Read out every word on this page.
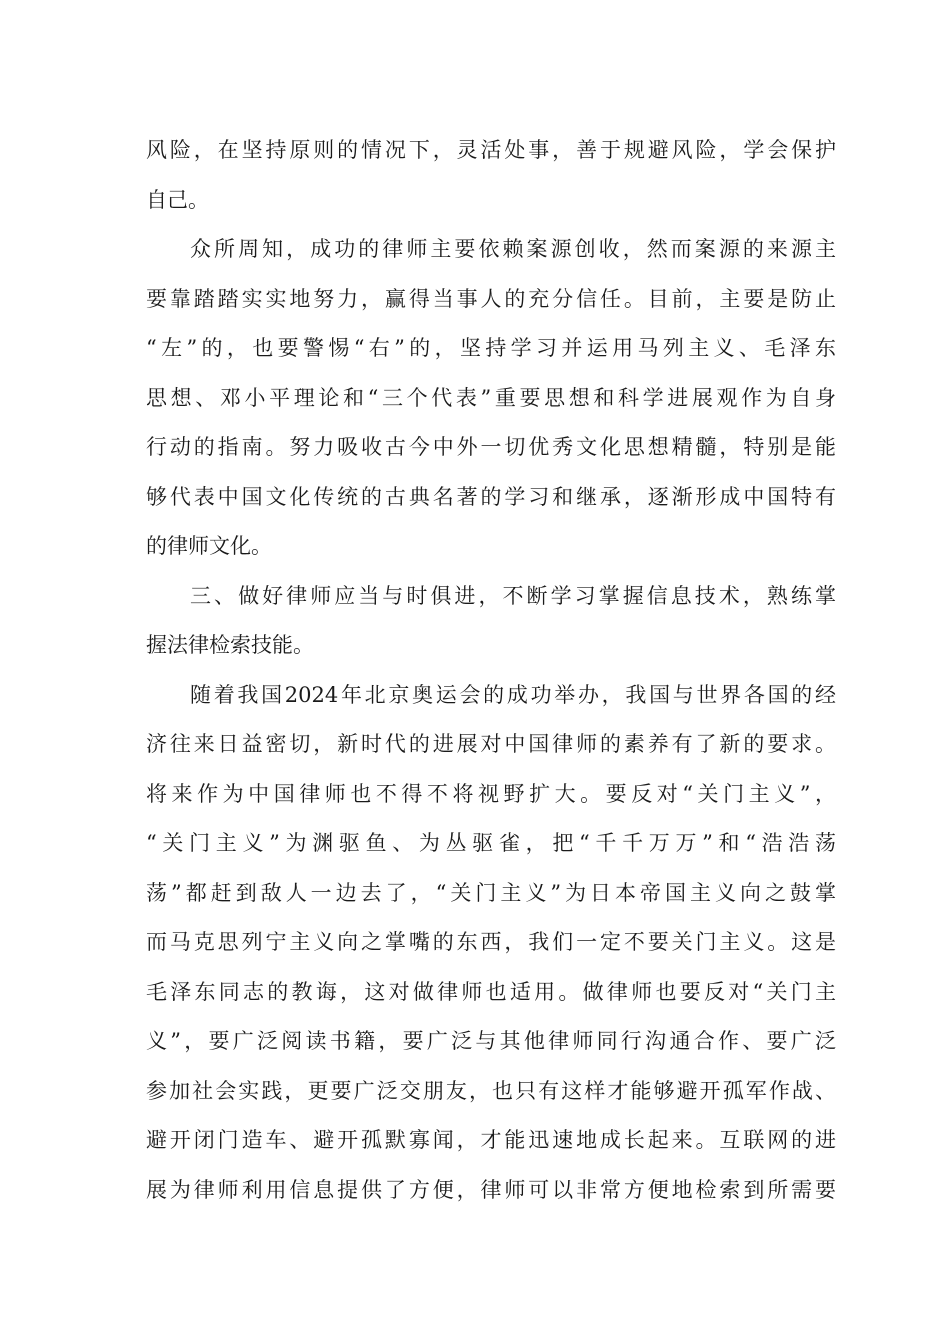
风险，在坚持原则的情况下，灵活处事，善于规避风险，学会保护
自己。
众所周知，成功的律师主要依赖案源创收，然而案源的来源主
要靠踏踏实实地努力，赢得当事人的充分信任。目前，主要是防止
“左”的，也要警惕“右”的，坚持学习并运用马列主义、毛泽东
思想、邓小平理论和“三个代表”重要思想和科学进展观作为自身
行动的指南。努力吸收古今中外一切优秀文化思想精髓，特别是能
够代表中国文化传统的古典名著的学习和继承，逐渐形成中国特有
的律师文化。
三、做好律师应当与时俱进，不断学习掌握信息技术，熟练掌
握法律检索技能。
随着我国2024年北京奥运会的成功举办，我国与世界各国的经
济往来日益密切，新时代的进展对中国律师的素养有了新的要求。
将来作为中国律师也不得不将视野扩大。要反对“关门主义”，
“关门主义”为渊驱鱼、为丛驱雀，把“千千万万”和“浩浩荡
荡”都赶到敌人一边去了，“关门主义”为日本帝国主义向之鼓掌
而马克思列宁主义向之掌嘴的东西，我们一定不要关门主义。这是
毛泽东同志的教诲，这对做律师也适用。做律师也要反对“关门主
义”，要广泛阅读书籍，要广泛与其他律师同行沟通合作、要广泛
参加社会实践，更要广泛交朋友，也只有这样才能够避开孤军作战、
避开闭门造车、避开孤默寡闻，才能迅速地成长起来。互联网的进
展为律师利用信息提供了方便，律师可以非常方便地检索到所需要
